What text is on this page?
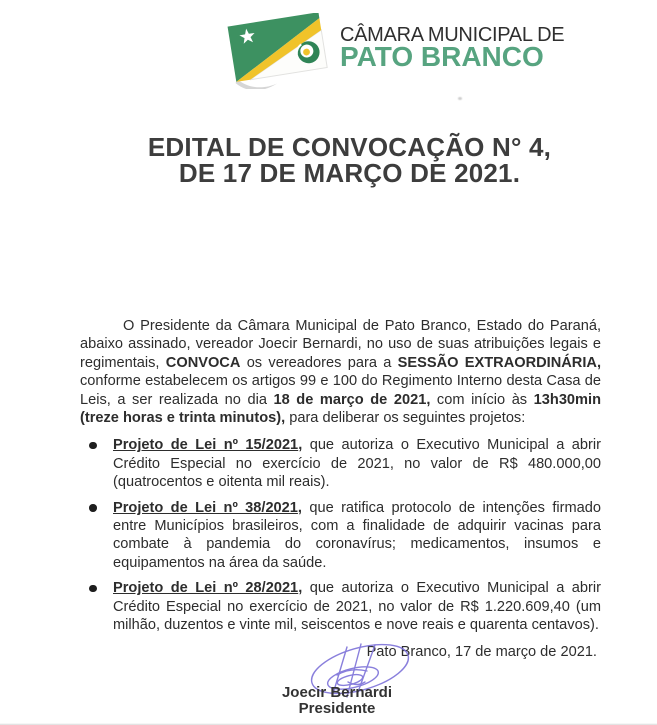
CÂMARA MUNICIPAL DE
PATO BRANCO
EDITAL DE CONVOCAÇÃO N° 4,
DE 17 DE MARÇO DE 2021.

O Presidente da Câmara Municipal de Pato Branco, Estado do Paraná, abaixo assinado, vereador Joecir Bernardi, no uso de suas atribuições legais e regimentais, CONVOCA os vereadores para a SESSÃO EXTRAORDINÁRIA, conforme estabelecem os artigos 99 e 100 do Regimento Interno desta Casa de Leis, a ser realizada no dia 18 de março de 2021, com início às 13h30min (treze horas e trinta minutos), para deliberar os seguintes projetos:

Projeto de Lei nº 15/2021, que autoriza o Executivo Municipal a abrir Crédito Especial no exercício de 2021, no valor de R$ 480.000,00 (quatrocentos e oitenta mil reais).
Projeto de Lei nº 38/2021, que ratifica protocolo de intenções firmado entre Municípios brasileiros, com a finalidade de adquirir vacinas para combate à pandemia do coronavírus; medicamentos, insumos e equipamentos na área da saúde.
Projeto de Lei nº 28/2021, que autoriza o Executivo Municipal a abrir Crédito Especial no exercício de 2021, no valor de R$ 1.220.609,40 (um milhão, duzentos e vinte mil, seiscentos e nove reais e quarenta centavos).

Pato Branco, 17 de março de 2021.

Joecir Bernardi
Presidente
